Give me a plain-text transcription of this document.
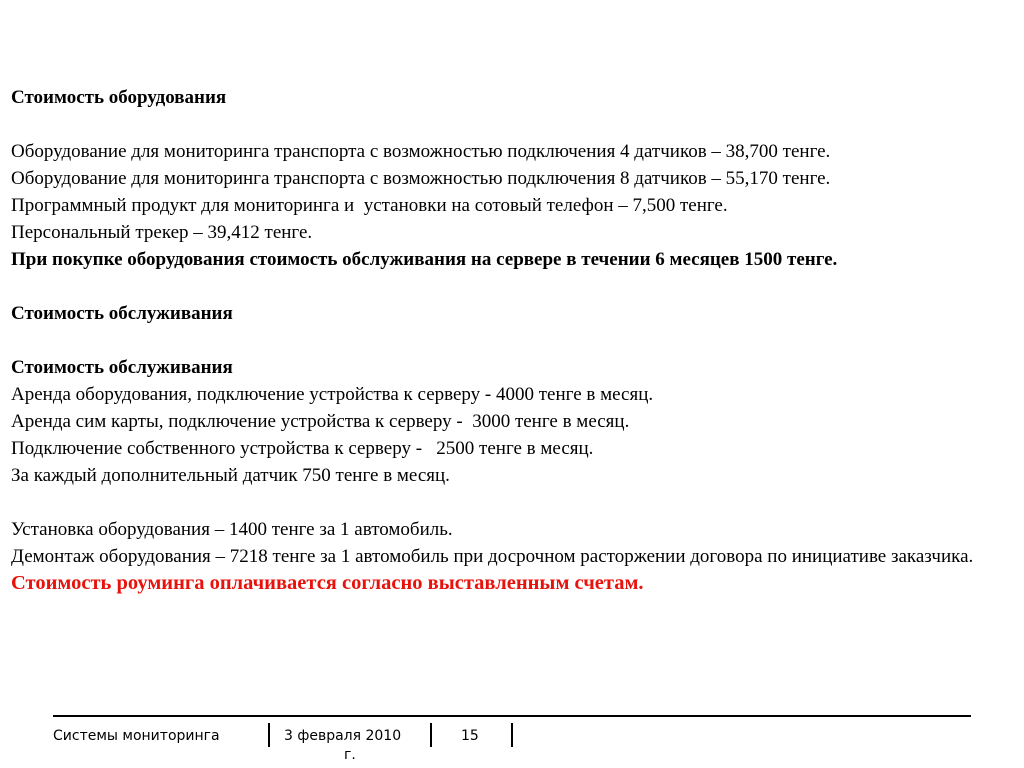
Стоимость оборудования
Оборудование для мониторинга транспорта с возможностью подключения 4 датчиков – 38,700 тенге.
Оборудование для мониторинга транспорта с возможностью подключения 8 датчиков – 55,170 тенге.
Программный продукт для мониторинга и  установки на сотовый телефон – 7,500 тенге.
Персональный трекер – 39,412 тенге.
При покупке оборудования стоимость обслуживания на сервере в течении 6 месяцев 1500 тенге.
Стоимость обслуживания
Стоимость обслуживания
Аренда оборудования, подключение устройства к серверу - 4000 тенге в месяц.
Аренда сим карты, подключение устройства к серверу -  3000 тенге в месяц.
Подключение собственного устройства к серверу -   2500 тенге в месяц.
За каждый дополнительный датчик 750 тенге в месяц.
Установка оборудования – 1400 тенге за 1 автомобиль.
Демонтаж оборудования – 7218 тенге за 1 автомобиль при досрочном расторжении договора по инициативе заказчика.
Стоимость роуминга оплачивается согласно выставленным счетам.
Системы мониторинга	3 февраля 2010
г.
15
